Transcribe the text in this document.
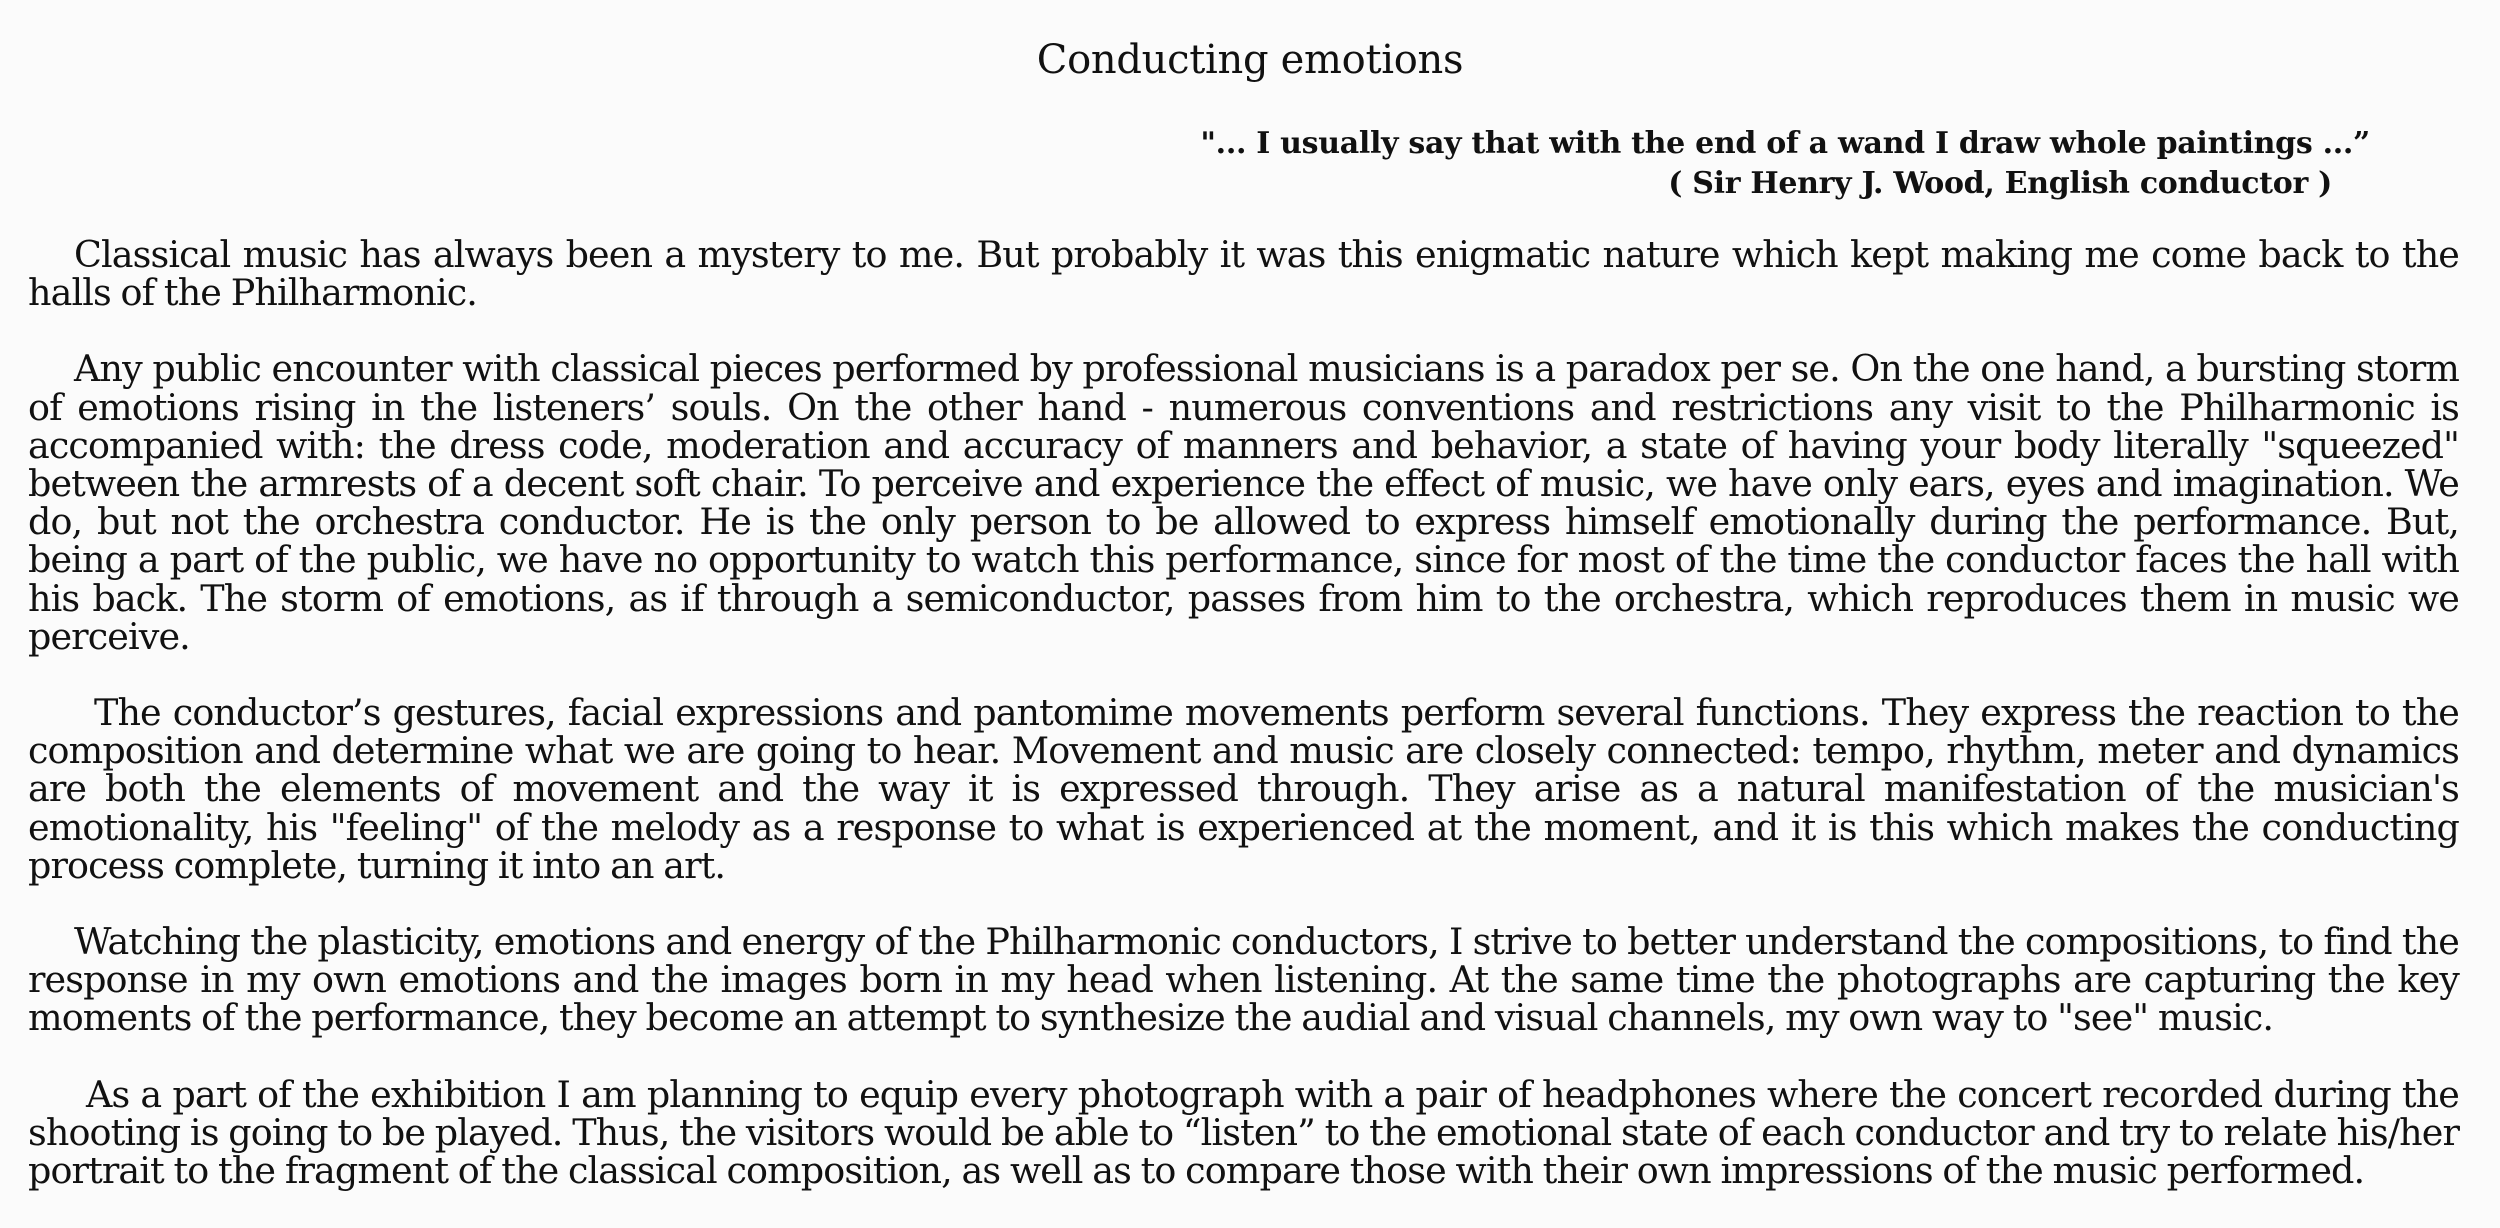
Conducting emotions
"... I usually say that with the end of a wand I draw whole paintings ...”
( Sir Henry J. Wood, English conductor )

Classical music has always been a mystery to me. But probably it was this enigmatic nature which kept making me come back to the halls of the Philharmonic.

Any public encounter with classical pieces performed by professional musicians is a paradox per se. On the one hand, a bursting storm of emotions rising in the listeners’ souls. On the other hand - numerous conventions and restrictions any visit to the Philharmonic is accompanied with: the dress code, moderation and accuracy of manners and behavior, a state of having your body literally "squeezed" between the armrests of a decent soft chair. To perceive and experience the effect of music, we have only ears, eyes and imagination. We do, but not the orchestra conductor. He is the only person to be allowed to express himself emotionally during the performance. But, being a part of the public, we have no opportunity to watch this performance, since for most of the time the conductor faces the hall with his back. The storm of emotions, as if through a semiconductor, passes from him to the orchestra, which reproduces them in music we perceive.

The conductor’s gestures, facial expressions and pantomime movements perform several functions. They express the reaction to the composition and determine what we are going to hear. Movement and music are closely connected: tempo, rhythm, meter and dynamics are both the elements of movement and the way it is expressed through. They arise as a natural manifestation of the musician's emotionality, his "feeling" of the melody as a response to what is experienced at the moment, and it is this which makes the conducting process complete, turning it into an art.

Watching the plasticity, emotions and energy of the Philharmonic conductors, I strive to better understand the compositions, to find the response in my own emotions and the images born in my head when listening. At the same time the photographs are capturing the key moments of the performance, they become an attempt to synthesize the audial and visual channels, my own way to "see" music.

As a part of the exhibition I am planning to equip every photograph with a pair of headphones where the concert recorded during the shooting is going to be played. Thus, the visitors would be able to “listen” to the emotional state of each conductor and try to relate his/her portrait to the fragment of the classical composition, as well as to compare those with their own impressions of the music performed.
